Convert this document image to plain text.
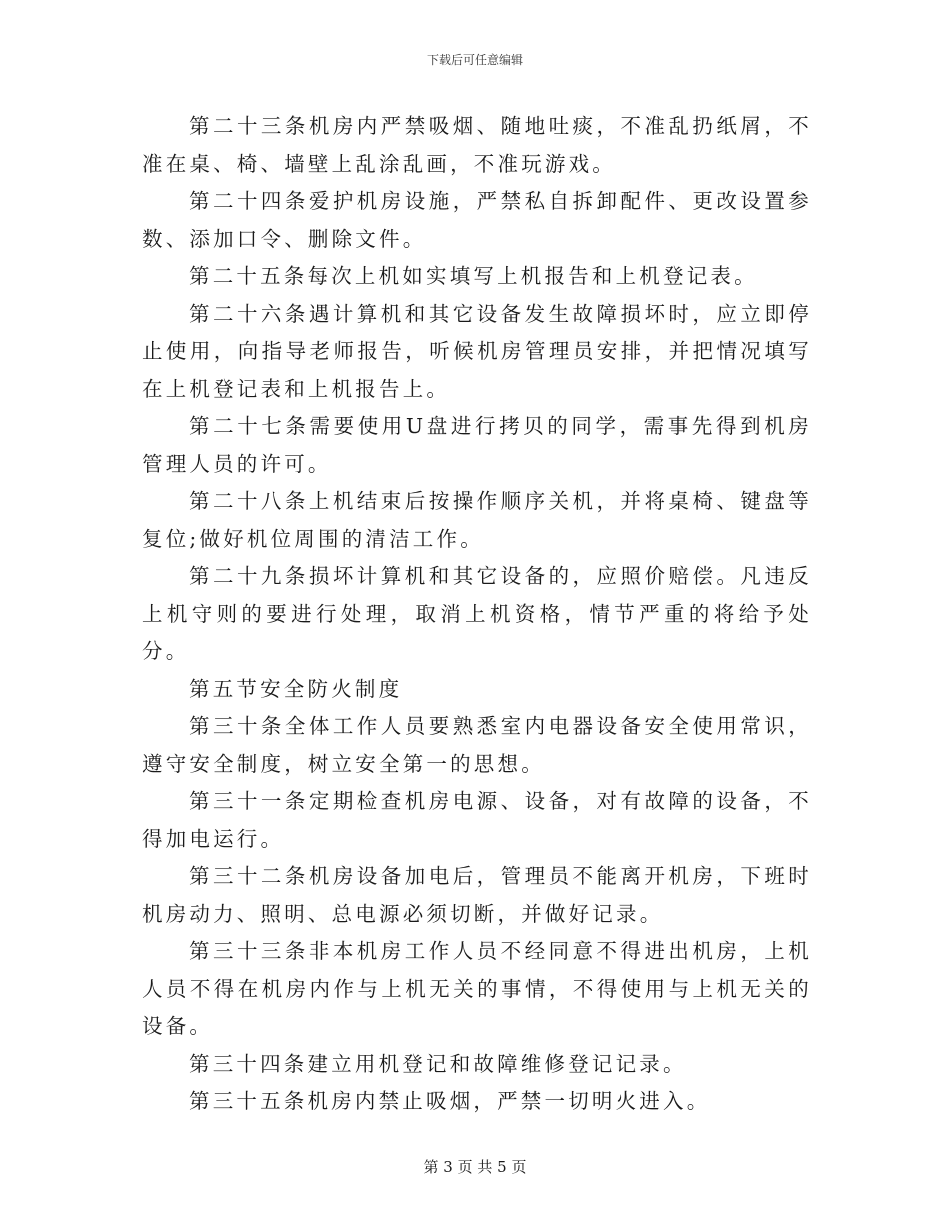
下载后可任意编辑

第二十三条机房内严禁吸烟、随地吐痰，不准乱扔纸屑，不准在桌、椅、墙壁上乱涂乱画，不准玩游戏。

第二十四条爱护机房设施，严禁私自拆卸配件、更改设置参数、添加口令、删除文件。

第二十五条每次上机如实填写上机报告和上机登记表。

第二十六条遇计算机和其它设备发生故障损坏时，应立即停止使用，向指导老师报告，听候机房管理员安排，并把情况填写在上机登记表和上机报告上。

第二十七条需要使用U盘进行拷贝的同学，需事先得到机房管理人员的许可。

第二十八条上机结束后按操作顺序关机，并将桌椅、键盘等复位;做好机位周围的清洁工作。

第二十九条损坏计算机和其它设备的，应照价赔偿。凡违反上机守则的要进行处理，取消上机资格，情节严重的将给予处分。

第五节安全防火制度

第三十条全体工作人员要熟悉室内电器设备安全使用常识，遵守安全制度，树立安全第一的思想。

第三十一条定期检查机房电源、设备，对有故障的设备，不得加电运行。

第三十二条机房设备加电后，管理员不能离开机房，下班时机房动力、照明、总电源必须切断，并做好记录。

第三十三条非本机房工作人员不经同意不得进出机房，上机人员不得在机房内作与上机无关的事情，不得使用与上机无关的设备。

第三十四条建立用机登记和故障维修登记记录。

第三十五条机房内禁止吸烟，严禁一切明火进入。

第 3 页 共 5 页
